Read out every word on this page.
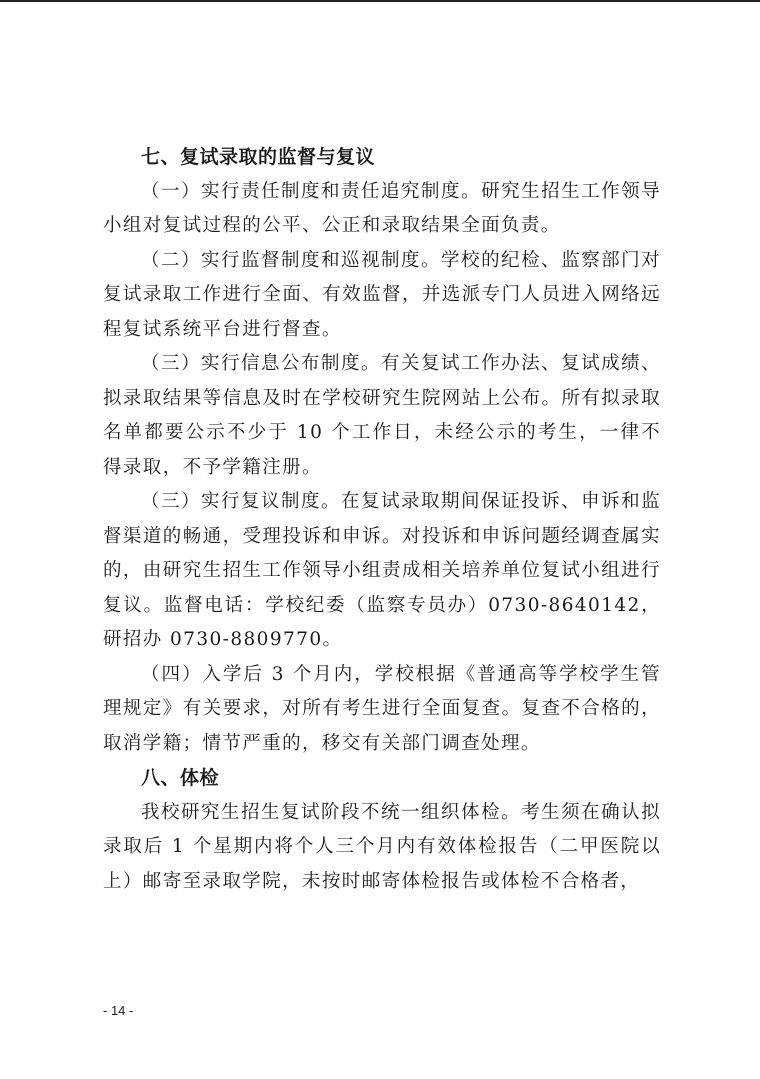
七、复试录取的监督与复议

（一）实行责任制度和责任追究制度。研究生招生工作领导小组对复试过程的公平、公正和录取结果全面负责。

（二）实行监督制度和巡视制度。学校的纪检、监察部门对复试录取工作进行全面、有效监督，并选派专门人员进入网络远程复试系统平台进行督查。

（三）实行信息公布制度。有关复试工作办法、复试成绩、拟录取结果等信息及时在学校研究生院网站上公布。所有拟录取名单都要公示不少于 10 个工作日，未经公示的考生，一律不得录取，不予学籍注册。

（三）实行复议制度。在复试录取期间保证投诉、申诉和监督渠道的畅通，受理投诉和申诉。对投诉和申诉问题经调查属实的，由研究生招生工作领导小组责成相关培养单位复试小组进行复议。监督电话：学校纪委（监察专员办）0730-8640142，研招办 0730-8809770。

（四）入学后 3 个月内，学校根据《普通高等学校学生管理规定》有关要求，对所有考生进行全面复查。复查不合格的，取消学籍；情节严重的，移交有关部门调查处理。

八、体检

我校研究生招生复试阶段不统一组织体检。考生须在确认拟录取后 1 个星期内将个人三个月内有效体检报告（二甲医院以上）邮寄至录取学院，未按时邮寄体检报告或体检不合格者，

- 14 -
